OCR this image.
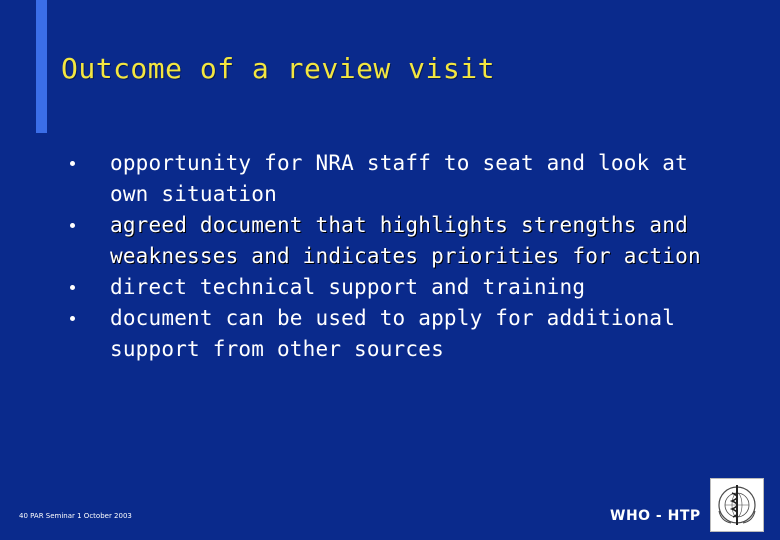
Outcome of a review visit
opportunity for NRA staff to seat and look at own situation
agreed document that highlights strengths and weaknesses and indicates priorities for action
direct technical support and training
document can be used to apply for additional support from other sources
40 PAR Seminar 1 October 2003	WHO - HTP
